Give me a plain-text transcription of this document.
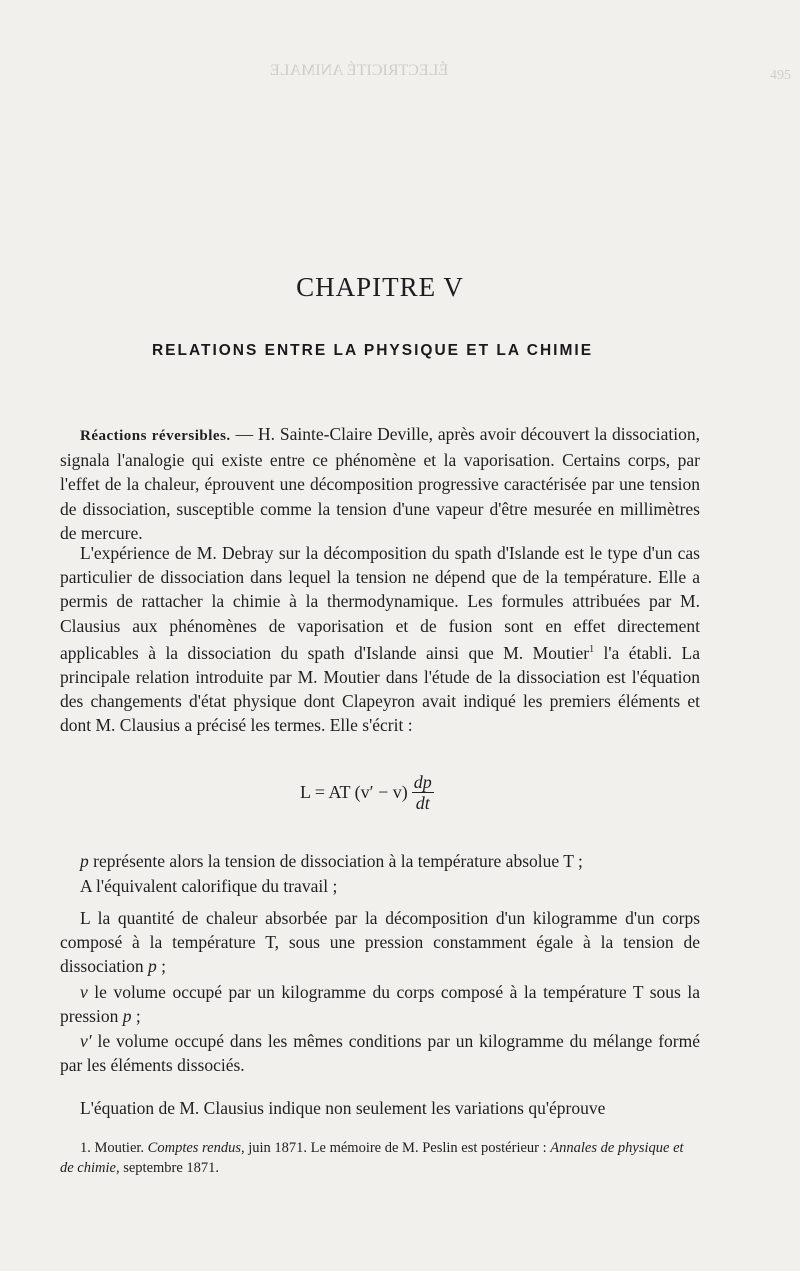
ÉLECTRICITÉ ANIMALE	495
CHAPITRE V
RELATIONS ENTRE LA PHYSIQUE ET LA CHIMIE
Réactions réversibles. — H. Sainte-Claire Deville, après avoir découvert la dissociation, signala l'analogie qui existe entre ce phénomène et la vaporisation. Certains corps, par l'effet de la chaleur, éprouvent une décomposition progressive caractérisée par une tension de dissociation, susceptible comme la tension d'une vapeur d'être mesurée en millimètres de mercure.
L'expérience de M. Debray sur la décomposition du spath d'Islande est le type d'un cas particulier de dissociation dans lequel la tension ne dépend que de la température. Elle a permis de rattacher la chimie à la thermodynamique. Les formules attribuées par M. Clausius aux phénomènes de vaporisation et de fusion sont en effet directement applicables à la dissociation du spath d'Islande ainsi que M. Moutier$^1$ l'a établi. La principale relation introduite par M. Moutier dans l'étude de la dissociation est l'équation des changements d'état physique dont Clapeyron avait indiqué les premiers éléments et dont M. Clausius a précisé les termes. Elle s'écrit :
L = AT $(v' - v) \frac{dp}{dt}$
p représente alors la tension de dissociation à la température absolue T ;
A l'équivalent calorifique du travail ;
L la quantité de chaleur absorbée par la décomposition d'un kilogramme d'un corps composé à la température T, sous une pression constamment égale à la tension de dissociation p ;
v le volume occupé par un kilogramme du corps composé à la température T sous la pression p ;
v′ le volume occupé dans les mêmes conditions par un kilogramme du mélange formé par les éléments dissociés.
L'équation de M. Clausius indique non seulement les variations qu'éprouve
1. Moutier. Comptes rendus, juin 1871. Le mémoire de M. Peslin est postérieur : Annales de physique et de chimie, septembre 1871.
